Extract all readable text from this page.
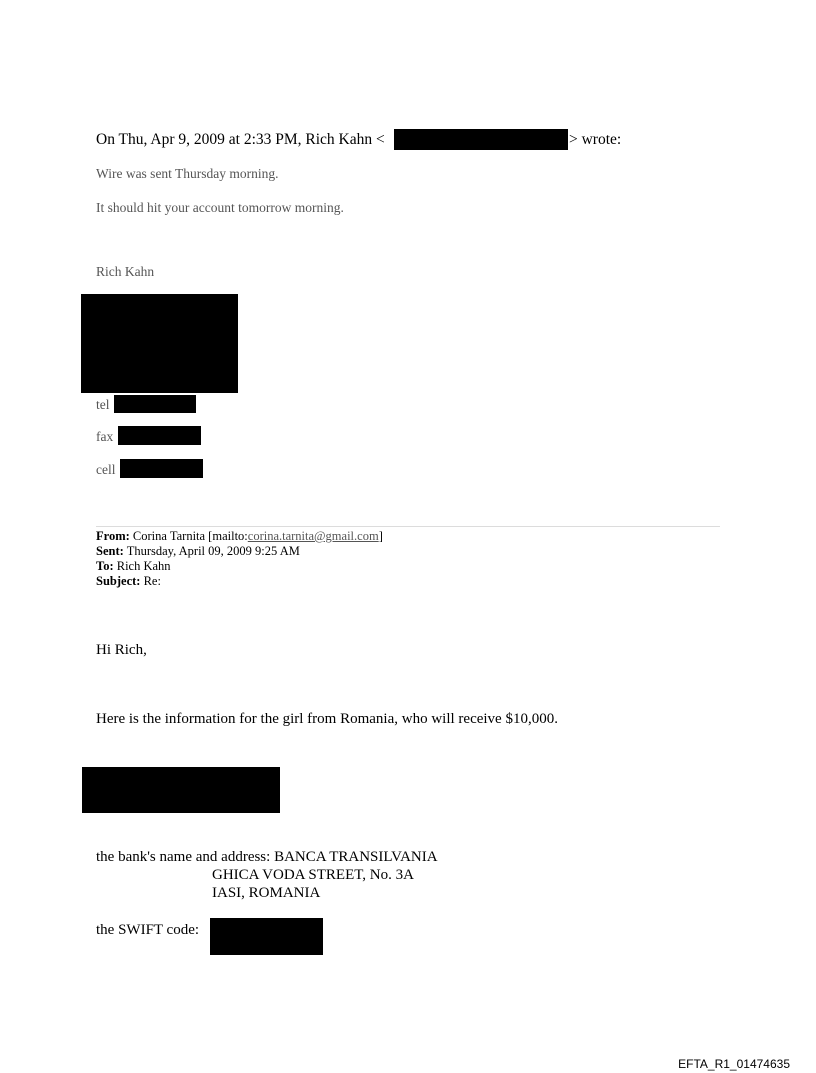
On Thu, Apr 9, 2009 at 2:33 PM, Rich Kahn <	> wrote:
Wire was sent Thursday morning.
It should hit your account tomorrow morning.
Rich Kahn
tel
fax
cell
From: Corina Tarnita [mailto:corina.tarnita@gmail.com]
Sent: Thursday, April 09, 2009 9:25 AM
To: Rich Kahn
Subject: Re:
Hi Rich,
Here is the information for the girl from Romania, who will receive $10,000.
the bank's name and address: BANCA TRANSILVANIA
GHICA VODA STREET, No. 3A
IASI, ROMANIA
the SWIFT code:
EFTA_R1_01474635
